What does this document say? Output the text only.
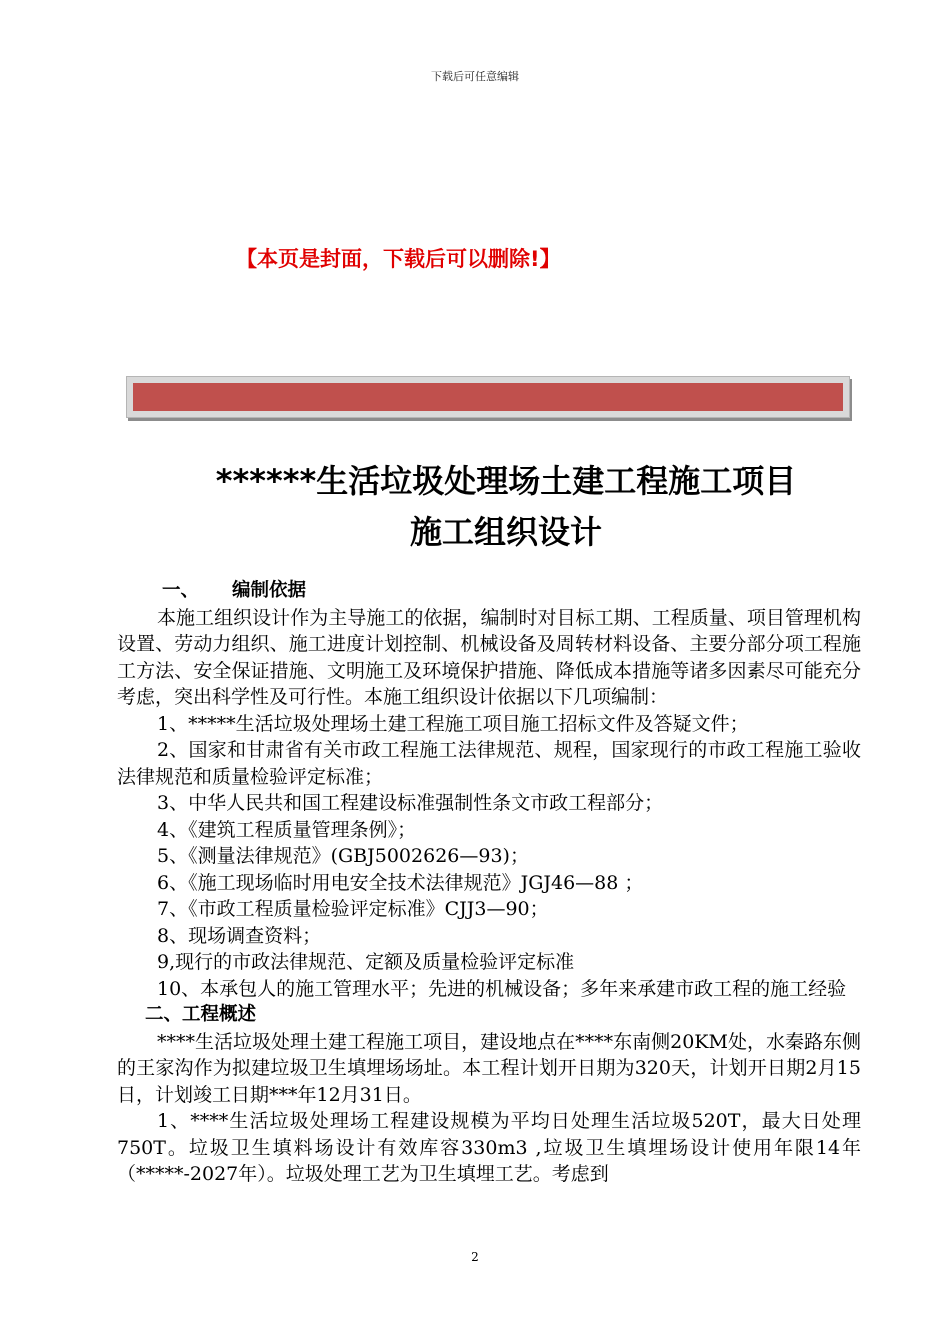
下载后可任意编辑
【本页是封面，下载后可以删除!】
******生活垃圾处理场土建工程施工项目
施工组织设计

一、 编制依据

本施工组织设计作为主导施工的依据，编制时对目标工期、工程质量、项目管理机构设置、劳动力组织、施工进度计划控制、机械设备及周转材料设备、主要分部分项工程施工方法、安全保证措施、文明施工及环境保护措施、降低成本措施等诸多因素尽可能充分考虑，突出科学性及可行性。本施工组织设计依据以下几项编制：

1、*****生活垃圾处理场土建工程施工项目施工招标文件及答疑文件；

2、国家和甘肃省有关市政工程施工法律规范、规程，国家现行的市政工程施工验收法律规范和质量检验评定标准；

3、中华人民共和国工程建设标准强制性条文市政工程部分；

4、《建筑工程质量管理条例》；

5、《测量法律规范》(GBJ5002626—93)；

6、《施工现场临时用电安全技术法律规范》JGJ46—88 ；

7、《市政工程质量检验评定标准》CJJ3—90；

8、现场调查资料；

9,现行的市政法律规范、定额及质量检验评定标准

10、本承包人的施工管理水平；先进的机械设备；多年来承建市政工程的施工经验

二、工程概述

****生活垃圾处理土建工程施工项目，建设地点在****东南侧20KM处，水秦路东侧的王家沟作为拟建垃圾卫生填埋场场址。本工程计划开日期为320天，计划开日期2月15日，计划竣工日期***年12月31日。

1、****生活垃圾处理场工程建设规模为平均日处理生活垃圾520T，最大日处理750T。垃圾卫生填料场设计有效库容330m3 ,垃圾卫生填埋场设计使用年限14年（*****-2027年）。垃圾处理工艺为卫生填埋工艺。考虑到

2
